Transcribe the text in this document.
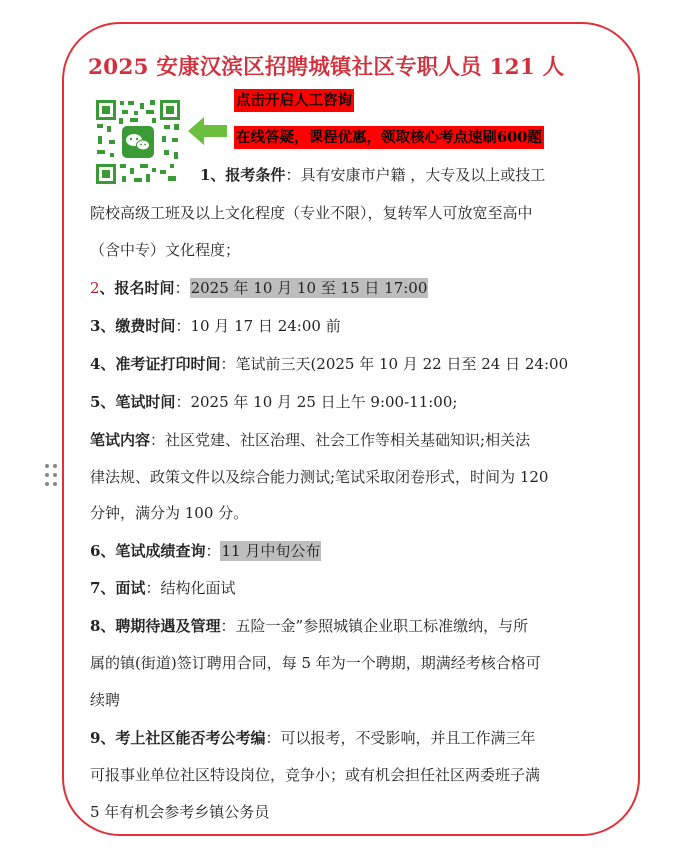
2025 安康汉滨区招聘城镇社区专职人员 121 人
点击开启人工咨询
在线答疑，课程优惠，领取核心考点速刷600题
1、报考条件：具有安康市户籍 ，大专及以上或技工
院校高级工班及以上文化程度（专业不限），复转军人可放宽至高中
（含中专）文化程度；
2、报名时间：2025 年 10 月 10 至 15 日 17:00
3、缴费时间：10 月 17 日 24:00 前
4、准考证打印时间：笔试前三天(2025 年 10 月 22 日至 24 日 24:00
5、笔试时间：2025 年 10 月 25 日上午 9:00-11:00;
笔试内容：社区党建、社区治理、社会工作等相关基础知识;相关法
律法规、政策文件以及综合能力测试;笔试采取闭卷形式，时间为 120
分钟，满分为 100 分。
6、笔试成绩查询：11 月中旬公布
7、面试：结构化面试
8、聘期待遇及管理：五险一金”参照城镇企业职工标准缴纳，与所
属的镇(街道)签订聘用合同，每 5 年为一个聘期，期满经考核合格可
续聘
9、考上社区能否考公考编：可以报考，不受影响，并且工作满三年
可报事业单位社区特设岗位，竞争小；或有机会担任社区两委班子满
5 年有机会参考乡镇公务员
